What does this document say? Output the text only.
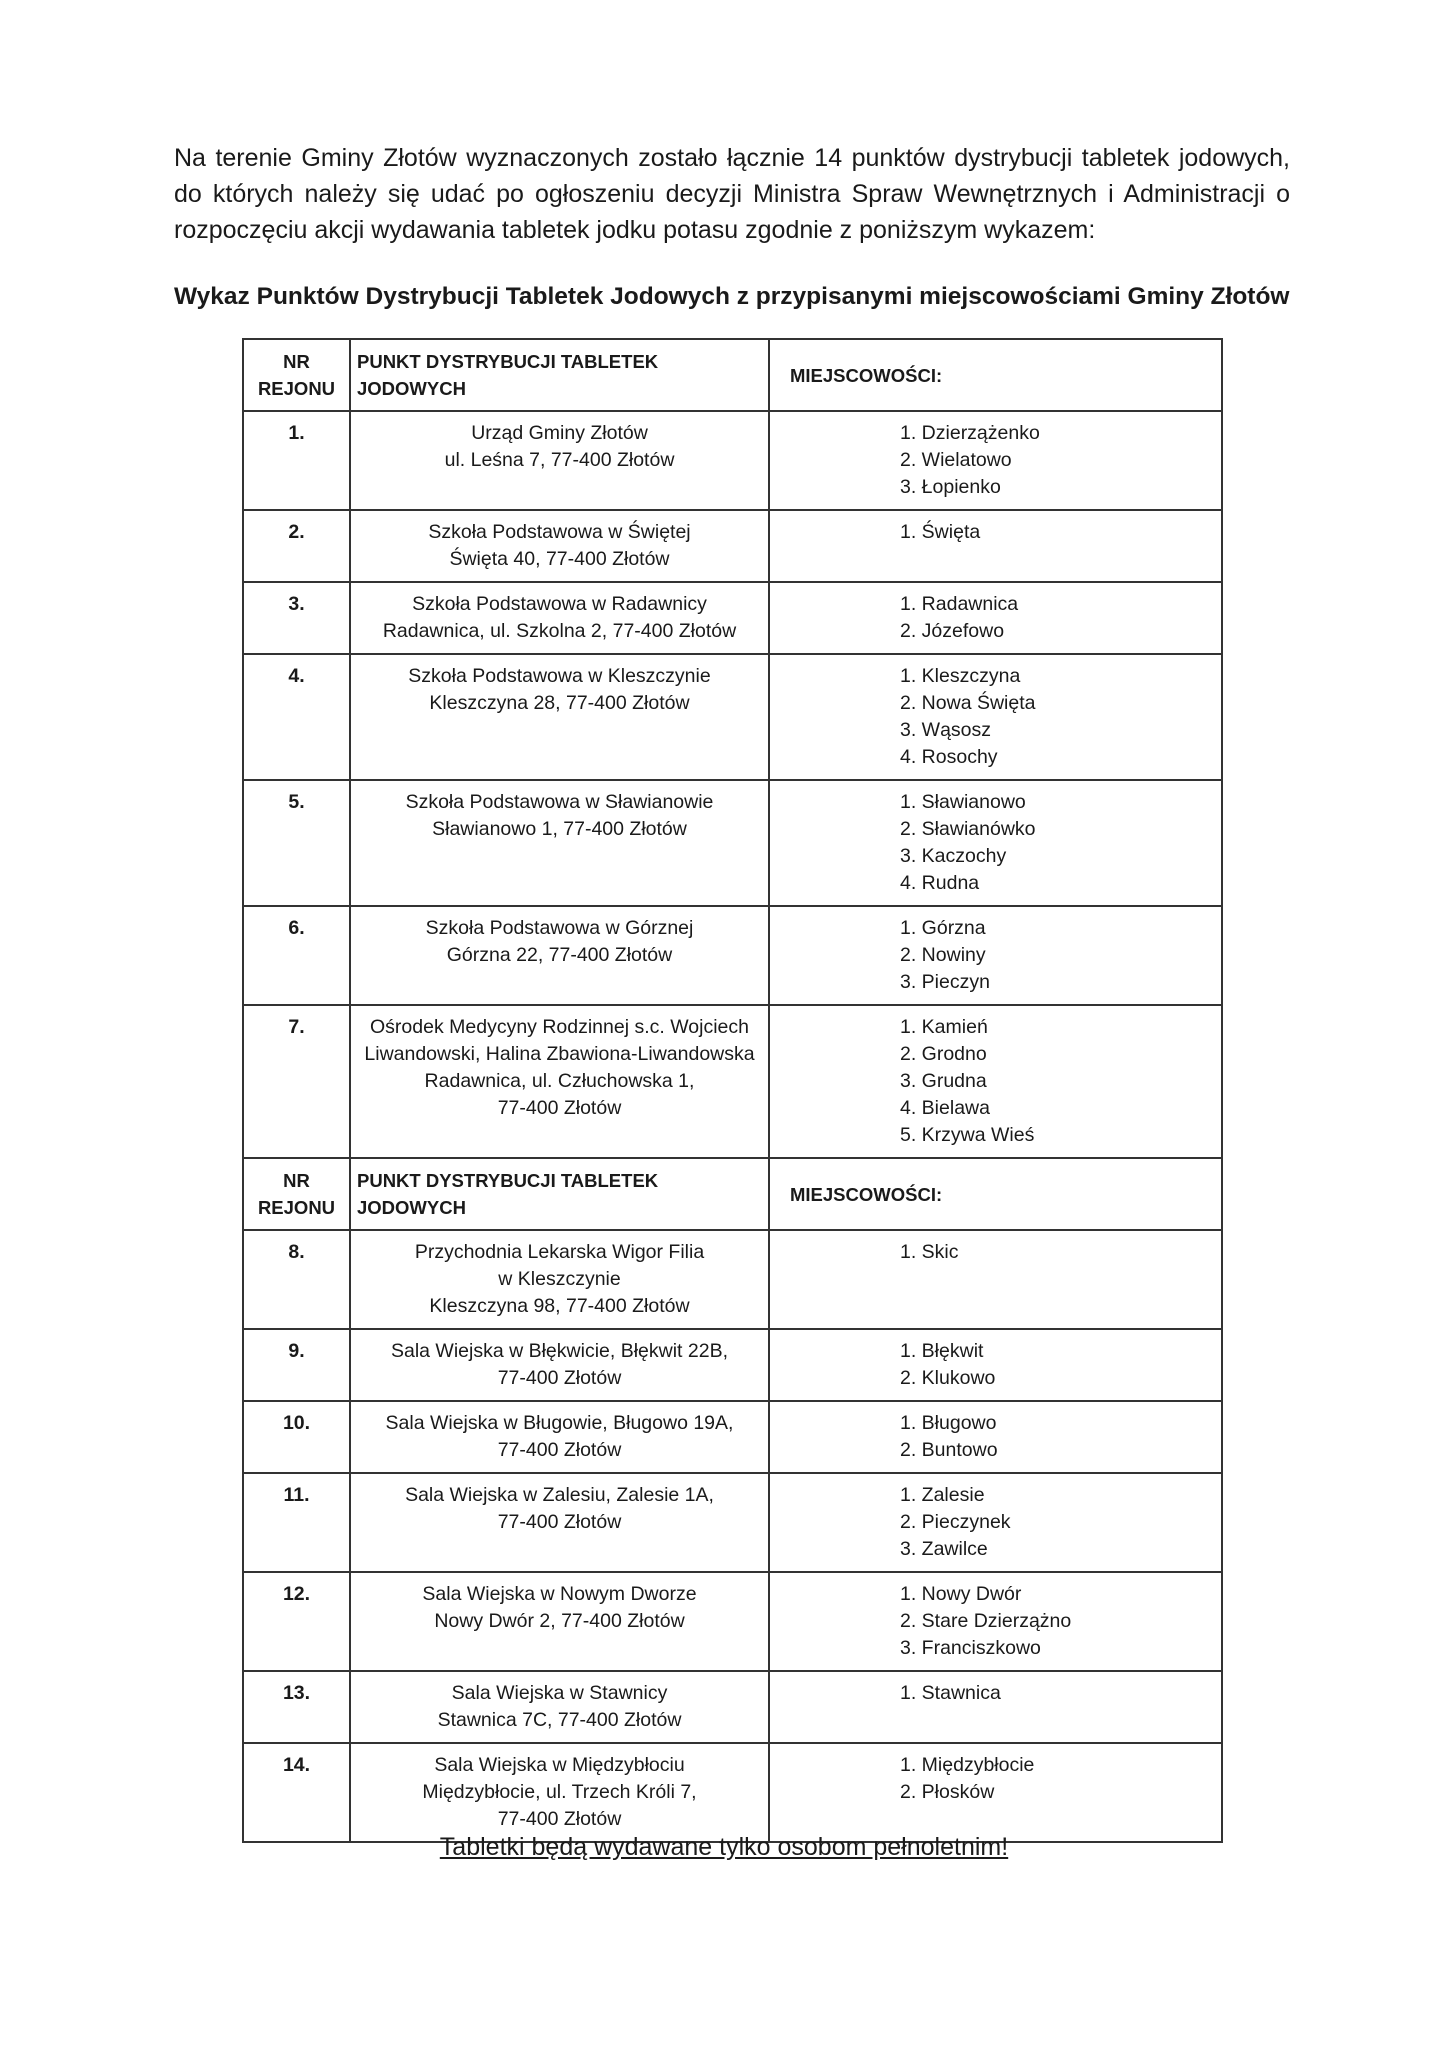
Na terenie Gminy Złotów wyznaczonych zostało łącznie 14 punktów dystrybucji tabletek jodowych, do których należy się udać po ogłoszeniu decyzji Ministra Spraw Wewnętrznych i Administracji o rozpoczęciu akcji wydawania tabletek jodku potasu zgodnie z poniższym wykazem:

Wykaz Punktów Dystrybucji Tabletek Jodowych z przypisanymi miejscowościami Gminy Złotów

NR
REJONU	PUNKT DYSTRYBUCJI TABLETEK JODOWYCH	MIEJSCOWOŚCI:
1.	Urząd Gminy Złotów
ul. Leśna 7, 77-400 Złotów	1. Dzierzążenko
2. Wielatowo
3. Łopienko

2.	Szkoła Podstawowa w Świętej
Święta 40, 77-400 Złotów	1. Święta

3.	Szkoła Podstawowa w Radawnicy
Radawnica, ul. Szkolna 2, 77-400 Złotów	1. Radawnica
2. Józefowo

4.	Szkoła Podstawowa w Kleszczynie
Kleszczyna 28, 77-400 Złotów	1. Kleszczyna
2. Nowa Święta
3. Wąsosz
4. Rosochy

5.	Szkoła Podstawowa w Sławianowie
Sławianowo 1, 77-400 Złotów	1. Sławianowo
2. Sławianówko
3. Kaczochy
4. Rudna

6.	Szkoła Podstawowa w Górznej
Górzna 22, 77-400 Złotów	1. Górzna
2. Nowiny
3. Pieczyn

7.	Ośrodek Medycyny Rodzinnej s.c. Wojciech
Liwandowski, Halina Zbawiona-Liwandowska
Radawnica, ul. Człuchowska 1,
77-400 Złotów	1. Kamień
2. Grodno
3. Grudna
4. Bielawa
5. Krzywa Wieś

NR
REJONU	PUNKT DYSTRYBUCJI TABLETEK JODOWYCH	MIEJSCOWOŚCI:
8.	Przychodnia Lekarska Wigor Filia
w Kleszczynie
Kleszczyna 98, 77-400 Złotów	1. Skic

9.	Sala Wiejska w Błękwicie, Błękwit 22B,
77-400 Złotów	1. Błękwit
2. Klukowo

10.	Sala Wiejska w Bługowie, Bługowo 19A,
77-400 Złotów	1. Bługowo
2. Buntowo

11.	Sala Wiejska w Zalesiu, Zalesie 1A,
77-400 Złotów	1. Zalesie
2. Pieczynek
3. Zawilce

12.	Sala Wiejska w Nowym Dworze
Nowy Dwór 2, 77-400 Złotów	1. Nowy Dwór
2. Stare Dzierzążno
3. Franciszkowo

13.	Sala Wiejska w Stawnicy
Stawnica 7C, 77-400 Złotów	1. Stawnica

14.	Sala Wiejska w Międzybłociu
Międzybłocie, ul. Trzech Króli 7,
77-400 Złotów	1. Międzybłocie
2. Płosków
Tabletki będą wydawane tylko osobom pełnoletnim!
